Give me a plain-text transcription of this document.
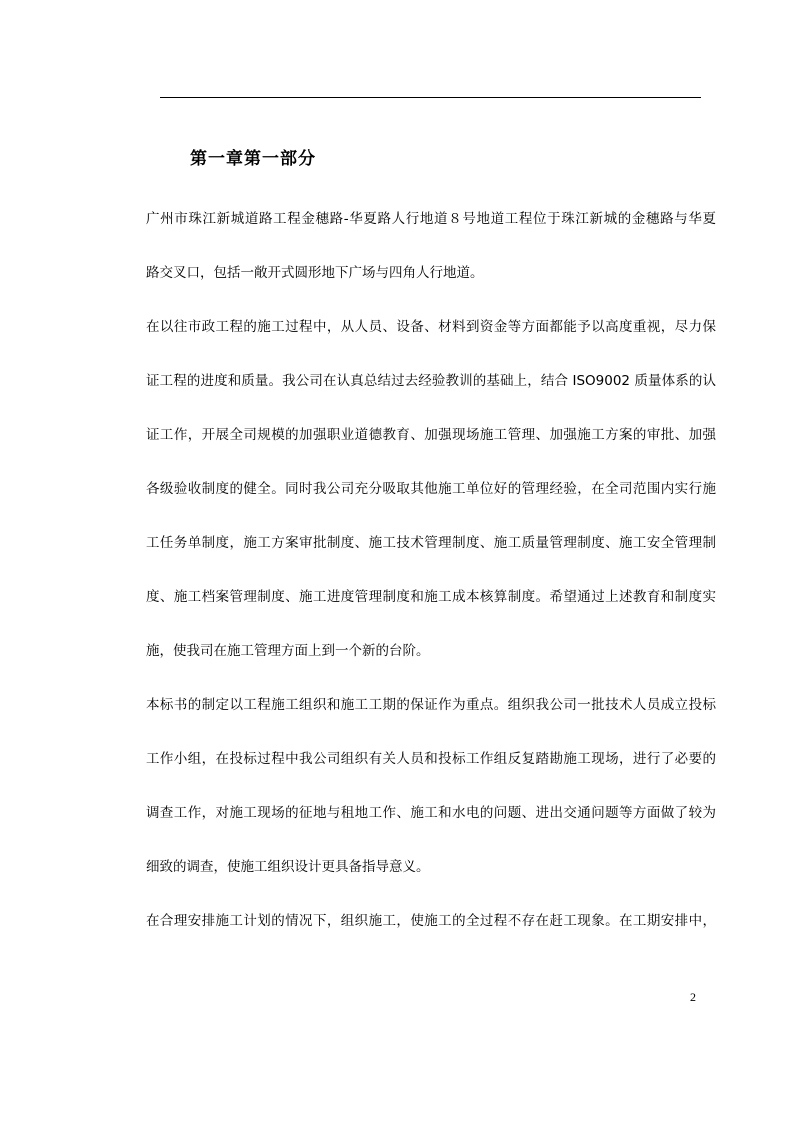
第一章第一部分
广州市珠江新城道路工程金穗路-华夏路人行地道８号地道工程位于珠江新城的金穗路与华夏
路交叉口，包括一敞开式圆形地下广场与四角人行地道。
在以往市政工程的施工过程中，从人员、设备、材料到资金等方面都能予以高度重视，尽力保
证工程的进度和质量。我公司在认真总结过去经验教训的基础上，结合 ISO9002 质量体系的认
证工作，开展全司规模的加强职业道德教育、加强现场施工管理、加强施工方案的审批、加强
各级验收制度的健全。同时我公司充分吸取其他施工单位好的管理经验，在全司范围内实行施
工任务单制度，施工方案审批制度、施工技术管理制度、施工质量管理制度、施工安全管理制
度、施工档案管理制度、施工进度管理制度和施工成本核算制度。希望通过上述教育和制度实
施，使我司在施工管理方面上到一个新的台阶。
本标书的制定以工程施工组织和施工工期的保证作为重点。组织我公司一批技术人员成立投标
工作小组，在投标过程中我公司组织有关人员和投标工作组反复踏勘施工现场，进行了必要的
调查工作，对施工现场的征地与租地工作、施工和水电的问题、进出交通问题等方面做了较为
细致的调查，使施工组织设计更具备指导意义。
在合理安排施工计划的情况下，组织施工，使施工的全过程不存在赶工现象。在工期安排中，
2
